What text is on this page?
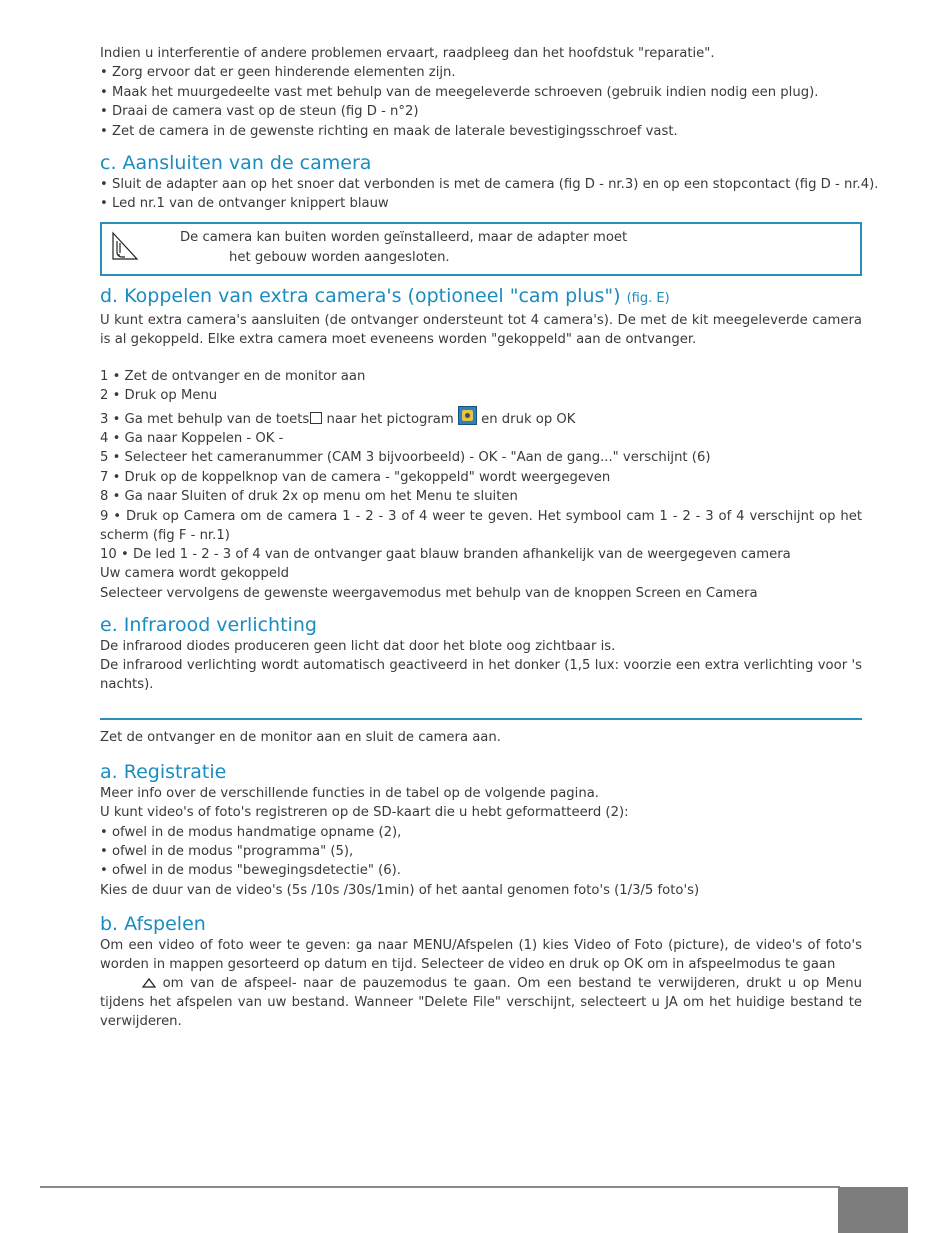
Indien u interferentie of andere problemen ervaart, raadpleeg dan het hoofdstuk "reparatie".

• Zorg ervoor dat er geen hinderende elementen zijn.

• Maak het muurgedeelte vast met behulp van de meegeleverde schroeven (gebruik indien nodig een plug).

• Draai de camera vast op de steun (fig D - n°2)

• Zet de camera in de gewenste richting en maak de laterale bevestigingsschroef vast.

c. Aansluiten van de camera

• Sluit de adapter aan op het snoer dat verbonden is met de camera (fig D - nr.3) en op een stopcontact (fig D - nr.4).

• Led nr.1 van de ontvanger knippert blauw

De camera kan buiten worden geïnstalleerd, maar de adapter moet
het gebouw worden aangesloten.
d. Koppelen van extra camera's (optioneel "cam plus") (fig. E)

U kunt extra camera's aansluiten (de ontvanger ondersteunt tot 4 camera's). De met de kit meegeleverde camera is al gekoppeld. Elke extra camera moet eveneens worden "gekoppeld" aan de ontvanger.

1 • Zet de ontvanger en de monitor aan

2 • Druk op Menu

3 • Ga met behulp van de toets naar het pictogram en druk op OK

4 • Ga naar Koppelen - OK -

5 • Selecteer het cameranummer (CAM 3 bijvoorbeeld) - OK - "Aan de gang..." verschijnt (6)

7 • Druk op de koppelknop van de camera - "gekoppeld" wordt weergegeven

8 • Ga naar Sluiten of druk 2x op menu om het Menu te sluiten

9 • Druk op Camera om de camera 1 - 2 - 3 of 4 weer te geven. Het symbool cam 1 - 2 - 3 of 4 verschijnt op het scherm (fig F - nr.1)

10 • De led 1 - 2 - 3 of 4 van de ontvanger gaat blauw branden afhankelijk van de weergegeven camera

Uw camera wordt gekoppeld

Selecteer vervolgens de gewenste weergavemodus met behulp van de knoppen Screen en Camera

e. Infrarood verlichting

De infrarood diodes produceren geen licht dat door het blote oog zichtbaar is.

De infrarood verlichting wordt automatisch geactiveerd in het donker (1,5 lux: voorzie een extra verlichting voor 's nachts).

Zet de ontvanger en de monitor aan en sluit de camera aan.

a. Registratie

Meer info over de verschillende functies in de tabel op de volgende pagina.

U kunt video's of foto's registreren op de SD-kaart die u hebt geformatteerd (2):

• ofwel in de modus handmatige opname (2),

• ofwel in de modus "programma" (5),

• ofwel in de modus "bewegingsdetectie" (6).

Kies de duur van de video's (5s /10s /30s/1min) of het aantal genomen foto's (1/3/5 foto's)

b. Afspelen

Om een video of foto weer te geven: ga naar MENU/Afspelen (1) kies Video of Foto (picture), de video's of foto's worden in mappen gesorteerd op datum en tijd. Selecteer de video en druk op OK om in afspeelmodus te gaan

om van de afspeel- naar de pauzemodus te gaan. Om een bestand te verwijderen, drukt u op Menu tijdens het afspelen van uw bestand. Wanneer "Delete File" verschijnt, selecteert u JA om het huidige bestand te verwijderen.
